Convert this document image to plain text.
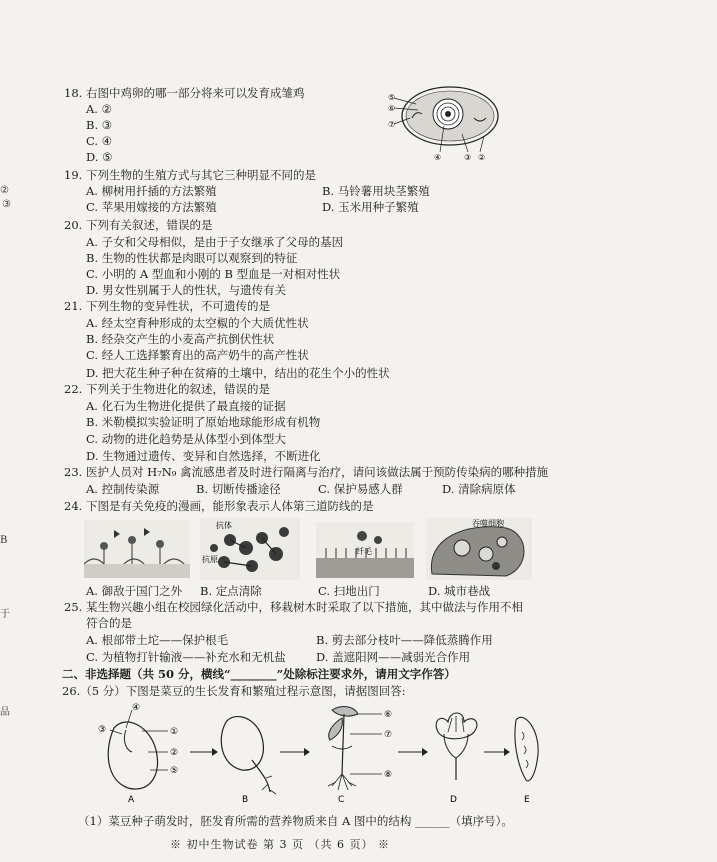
②
③
B
于
品
18. 右图中鸡卵的哪一部分将来可以发育成雏鸡
A. ②
B. ③
C. ④
D. ⑤
⑤
⑥
⑦
④	③ ②
19. 下列生物的生殖方式与其它三种明显不同的是
A. 柳树用扦插的方法繁殖	B. 马铃薯用块茎繁殖
C. 苹果用嫁接的方法繁殖	D. 玉米用种子繁殖
20. 下列有关叙述，错误的是
A. 子女和父母相似，是由于子女继承了父母的基因
B. 生物的性状都是肉眼可以观察到的特征
C. 小明的 A 型血和小刚的 B 型血是一对相对性状
D. 男女性别属于人的性状，与遗传有关
21. 下列生物的变异性状，不可遗传的是
A. 经太空育种形成的太空椒的个大质优性状
B. 经杂交产生的小麦高产抗倒伏性状
C. 经人工选择繁育出的高产奶牛的高产性状
D. 把大花生种子种在贫瘠的土壤中，结出的花生个小的性状
22. 下列关于生物进化的叙述，错误的是
A. 化石为生物进化提供了最直接的证据
B. 米勒模拟实验证明了原始地球能形成有机物
C. 动物的进化趋势是从体型小到体型大
D. 生物通过遗传、变异和自然选择，不断进化
23. 医护人员对 H₇N₉ 禽流感患者及时进行隔离与治疗，请问该做法属于预防传染病的哪种措施
A. 控制传染源	B. 切断传播途径	C. 保护易感人群	D. 清除病原体
24. 下图是有关免疫的漫画，能形象表示人体第三道防线的是
抗体
抗原
纤毛
吞噬细胞
A. 御敌于国门之外 B. 定点清除	C. 扫地出门	D. 城市巷战
25. 某生物兴趣小组在校园绿化活动中，移栽树木时采取了以下措施，其中做法与作用不相
符合的是
A. 根部带土坨——保护根毛	B. 剪去部分枝叶——降低蒸腾作用
C. 为植物打针输液——补充水和无机盐	D. 盖遮阳网——减弱光合作用
二、非选择题（共 50 分，横线“________”处除标注要求外，请用文字作答）
26.（5 分）下图是菜豆的生长发育和繁殖过程示意图，请据图回答:
④
③	①
②
⑤
⑥
⑦
⑧
A	B	C	D	E
（1）菜豆种子萌发时，胚发育所需的营养物质来自 A 图中的结构 ______（填序号）。
※ 初中生物试卷 第 3 页 （共 6 页） ※
